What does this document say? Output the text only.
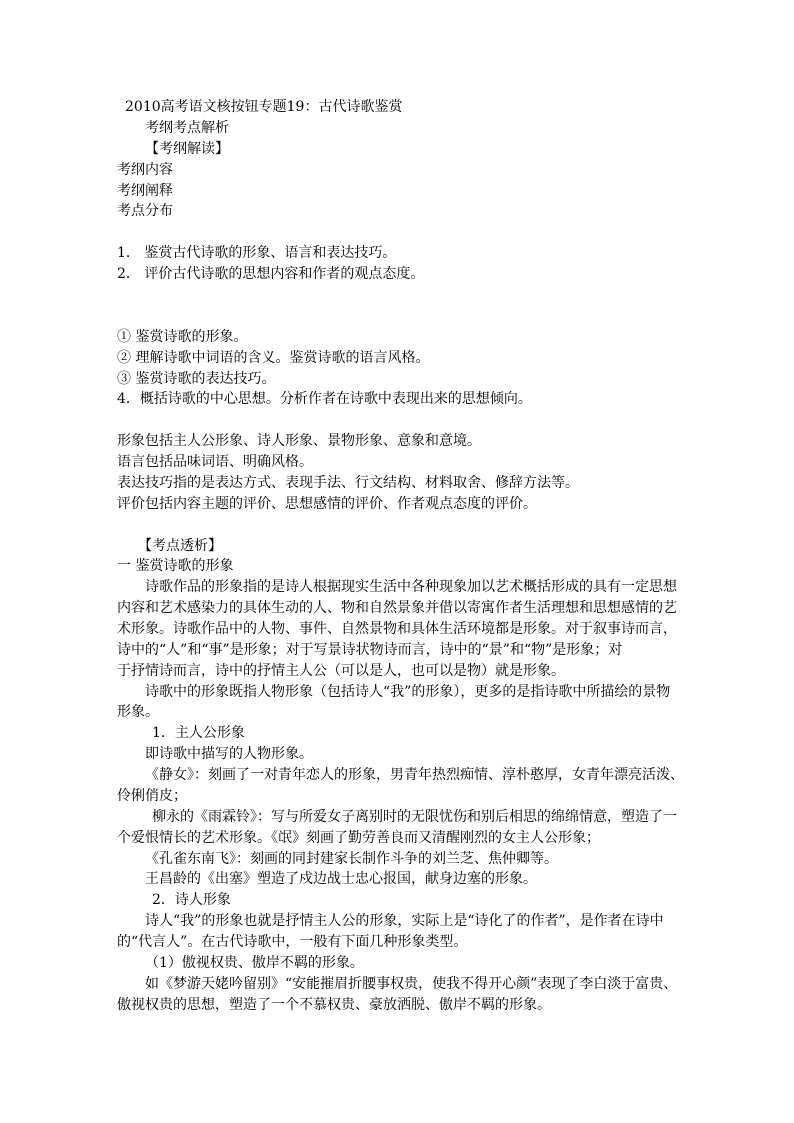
2010高考语文核按钮专题19：古代诗歌鉴赏
考纲考点解析
【考纲解读】
考纲内容
考纲阐释
考点分布
1． 鉴赏古代诗歌的形象、语言和表达技巧。
2． 评价古代诗歌的思想内容和作者的观点态度。
① 鉴赏诗歌的形象。
② 理解诗歌中词语的含义。鉴赏诗歌的语言风格。
③ 鉴赏诗歌的表达技巧。
4．概括诗歌的中心思想。分析作者在诗歌中表现出来的思想倾向。
形象包括主人公形象、诗人形象、景物形象、意象和意境。
语言包括品味词语、明确风格。
表达技巧指的是表达方式、表现手法、行文结构、材料取舍、修辞方法等。
评价包括内容主题的评价、思想感情的评价、作者观点态度的评价。
【考点透析】
一 鉴赏诗歌的形象
诗歌作品的形象指的是诗人根据现实生活中各种现象加以艺术概括形成的具有一定思想
内容和艺术感染力的具体生动的人、物和自然景象并借以寄寓作者生活理想和思想感情的艺
术形象。诗歌作品中的人物、事件、自然景物和具体生活环境都是形象。对于叙事诗而言，
诗中的“人”和“事”是形象；对于写景诗状物诗而言，诗中的“景”和“物”是形象；对
于抒情诗而言，诗中的抒情主人公（可以是人，也可以是物）就是形象。
诗歌中的形象既指人物形象（包括诗人“我”的形象），更多的是指诗歌中所描绘的景物
形象。
1．主人公形象
即诗歌中描写的人物形象。
《静女》：刻画了一对青年恋人的形象，男青年热烈痴情、淳朴憨厚，女青年漂亮活泼、
伶俐俏皮；
柳永的《雨霖铃》：写与所爱女子离别时的无限忧伤和别后相思的绵绵情意，塑造了一
个爱恨情长的艺术形象。《氓》刻画了勤劳善良而又清醒刚烈的女主人公形象；
《孔雀东南飞》：刻画的同封建家长制作斗争的刘兰芝、焦仲卿等。
王昌龄的《出塞》塑造了戍边战士忠心报国，献身边塞的形象。
2．诗人形象
诗人“我”的形象也就是抒情主人公的形象，实际上是“诗化了的作者”，是作者在诗中
的“代言人”。在古代诗歌中，一般有下面几种形象类型。
（1）傲视权贵、傲岸不羁的形象。
如《梦游天姥吟留别》“安能摧眉折腰事权贵，使我不得开心颜”表现了李白淡于富贵、
傲视权贵的思想，塑造了一个不慕权贵、豪放洒脱、傲岸不羁的形象。
